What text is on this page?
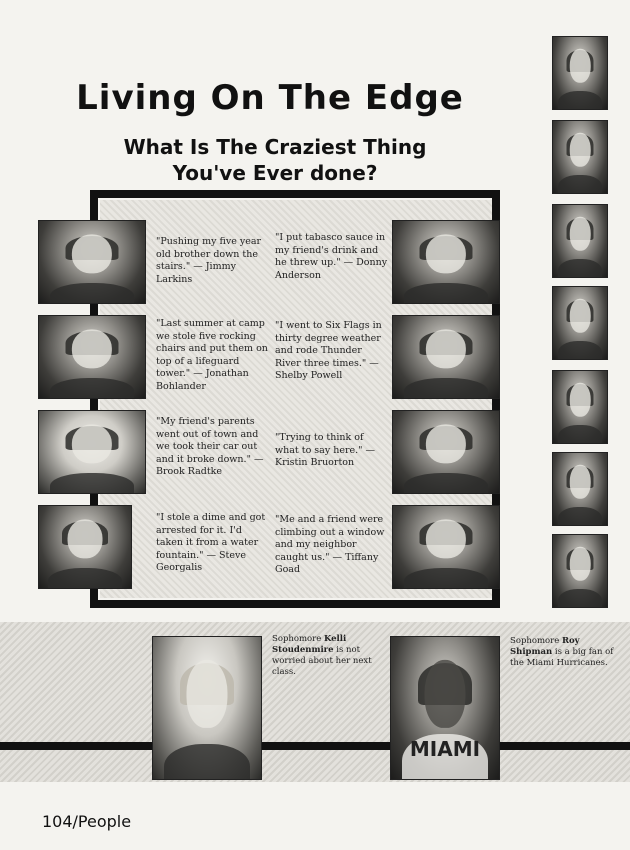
Living On The Edge
What Is The Craziest Thing
You've Ever done?
"Pushing my five year old brother down the stairs." — Jimmy Larkins
"Last summer at camp we stole five rocking chairs and put them on top of a lifeguard tower." — Jonathan Bohlander
"My friend's parents went out of town and we took their car out and it broke down." — Brook Radtke
"I stole a dime and got arrested for it. I'd taken it from a water fountain." — Steve Georgalis
"I put tabasco sauce in my friend's drink and he threw up." — Donny Anderson
"I went to Six Flags in thirty degree weather and rode Thunder River three times." — Shelby Powell
"Trying to think of what to say here." — Kristin Bruorton
"Me and a friend were climbing out a window and my neighbor caught us." — Tiffany Goad
MIAMI
Sophomore Kelli Stoudenmire is not worried about her next class.
Sophomore Roy Shipman is a big fan of the Miami Hurricanes.
104/People
